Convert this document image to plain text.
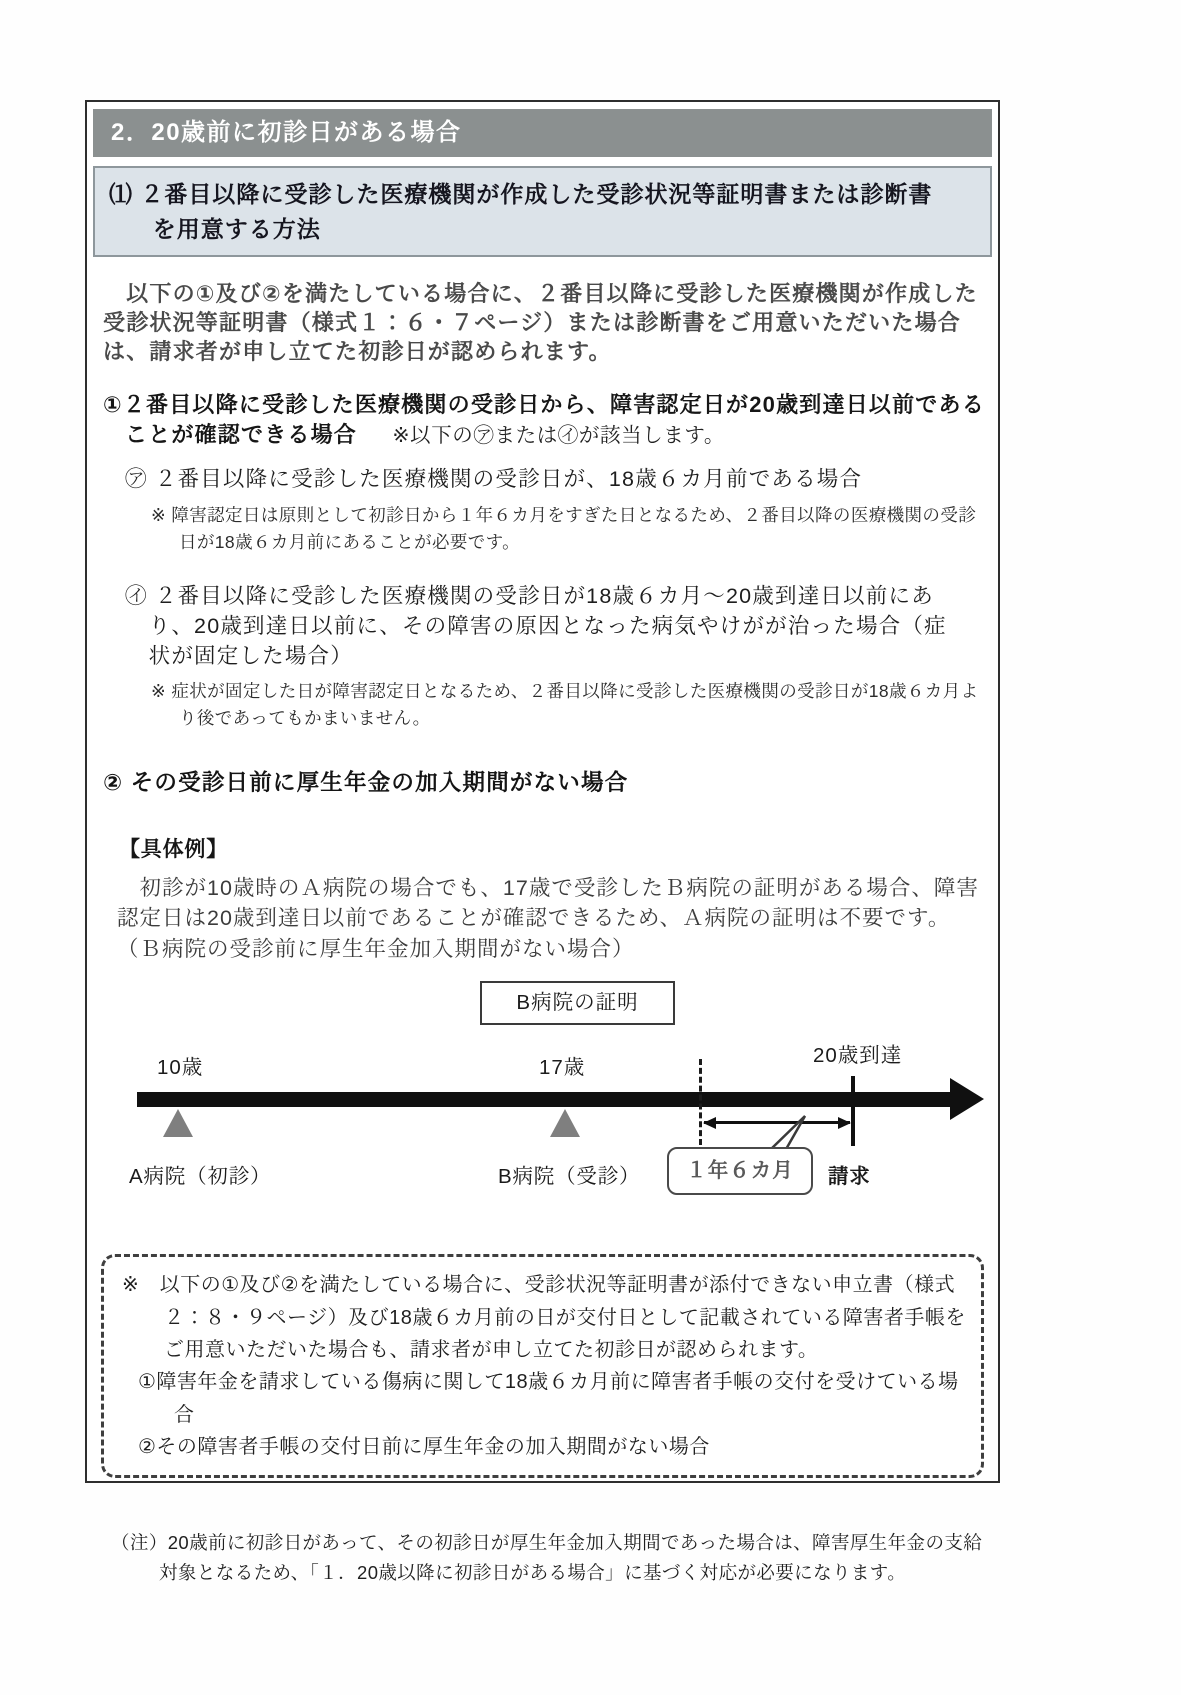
2．20歳前に初診日がある場合
⑴ ２番目以降に受診した医療機関が作成した受診状況等証明書または診断書を用意する方法

　以下の①及び②を満たしている場合に、２番目以降に受診した医療機関が作成した受診状況等証明書（様式１：６・７ページ）または診断書をご用意いただいた場合は、請求者が申し立てた初診日が認められます。

①２番目以降に受診した医療機関の受診日から、障害認定日が20歳到達日以前であることが確認できる場合 ※以下の㋐または㋑が該当します。
㋐ ２番目以降に受診した医療機関の受診日が、18歳６カ月前である場合
※ 障害認定日は原則として初診日から１年６カ月をすぎた日となるため、２番目以降の医療機関の受診日が18歳６カ月前にあることが必要です。
㋑ ２番目以降に受診した医療機関の受診日が18歳６カ月～20歳到達日以前にあり、20歳到達日以前に、その障害の原因となった病気やけがが治った場合（症状が固定した場合）
※ 症状が固定した日が障害認定日となるため、２番目以降に受診した医療機関の受診日が18歳６カ月より後であってもかまいません。
② その受診日前に厚生年金の加入期間がない場合
【具体例】

　初診が10歳時のＡ病院の場合でも、17歳で受診したＢ病院の証明がある場合、障害認定日は20歳到達日以前であることが確認できるため、Ａ病院の証明は不要です。

（Ｂ病院の受診前に厚生年金加入期間がない場合）

B病院の証明
10歳	17歳
20歳到達
A病院（初診）	B病院（受診）	１年６カ月	請求
※　以下の①及び②を満たしている場合に、受診状況等証明書が添付できない申立書（様式２：８・９ページ）及び18歳６カ月前の日が交付日として記載されている障害者手帳をご用意いただいた場合も、請求者が申し立てた初診日が認められます。
①障害年金を請求している傷病に関して18歳６カ月前に障害者手帳の交付を受けている場合
②その障害者手帳の交付日前に厚生年金の加入期間がない場合
（注）20歳前に初診日があって、その初診日が厚生年金加入期間であった場合は、障害厚生年金の支給対象となるため、「１．20歳以降に初診日がある場合」に基づく対応が必要になります。
